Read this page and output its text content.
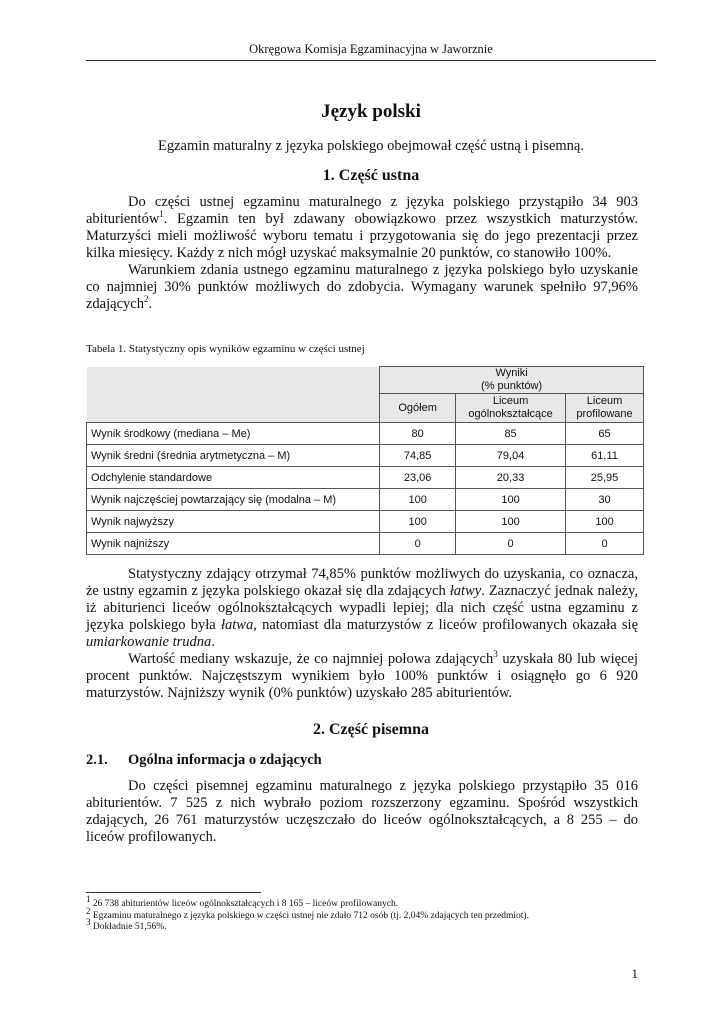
Okręgowa Komisja Egzaminacyjna w Jaworznie
Język polski
Egzamin maturalny z języka polskiego obejmował część ustną i pisemną.
1. Część ustna

Do części ustnej egzaminu maturalnego z języka polskiego przystąpiło 34 903 abiturientów$^1$. Egzamin ten był zdawany obowiązkowo przez wszystkich maturzystów. Maturzyści mieli możliwość wyboru tematu i przygotowania się do jego prezentacji przez kilka miesięcy. Każdy z nich mógł uzyskać maksymalnie 20 punktów, co stanowiło 100%.

Warunkiem zdania ustnego egzaminu maturalnego z języka polskiego było uzyskanie co najmniej 30% punktów możliwych do zdobycia. Wymagany warunek spełniło 97,96% zdających$^2$.

Tabela 1. Statystyczny opis wyników egzaminu w części ustnej

	Wyniki
(% punktów)		

	Ogółem	Liceum ogólnokształcące	Liceum profilowane
Wynik środkowy (mediana – Me)	80	85	65
Wynik średni (średnia arytmetyczna – M)	74,85	79,04	61,11
Odchylenie standardowe	23,06	20,33	25,95
Wynik najczęściej powtarzający się (modalna – M)	100	100	30
Wynik najwyższy	100	100	100
Wynik najniższy	0	0	0

Statystyczny zdający otrzymał 74,85% punktów możliwych do uzyskania, co oznacza, że ustny egzamin z języka polskiego okazał się dla zdających łatwy. Zaznaczyć jednak należy, iż abiturienci liceów ogólnokształcących wypadli lepiej; dla nich część ustna egzaminu z języka polskiego była łatwa, natomiast dla maturzystów z liceów profilowanych okazała się umiarkowanie trudna.

Wartość mediany wskazuje, że co najmniej połowa zdających$^3$ uzyskała 80 lub więcej procent punktów. Najczęstszym wynikiem było 100% punktów i osiągnęło go 6 920 maturzystów. Najniższy wynik (0% punktów) uzyskało 285 abiturientów.

2. Część pisemna
2.1. Ogólna informacja o zdających

Do części pisemnej egzaminu maturalnego z języka polskiego przystąpiło 35 016 abiturientów. 7 525 z nich wybrało poziom rozszerzony egzaminu. Spośród wszystkich zdających, 26 761 maturzystów uczęszczało do liceów ogólnokształcących, a 8 255 – do liceów profilowanych.

$^1$ 26 738 abiturientów liceów ogólnokształcących i 8 165 – liceów profilowanych.
$^2$ Egzaminu maturalnego z języka polskiego w części ustnej nie zdało 712 osób (tj. 2,04% zdających ten przedmiot).
$^3$ Dokładnie 51,56%.
1
